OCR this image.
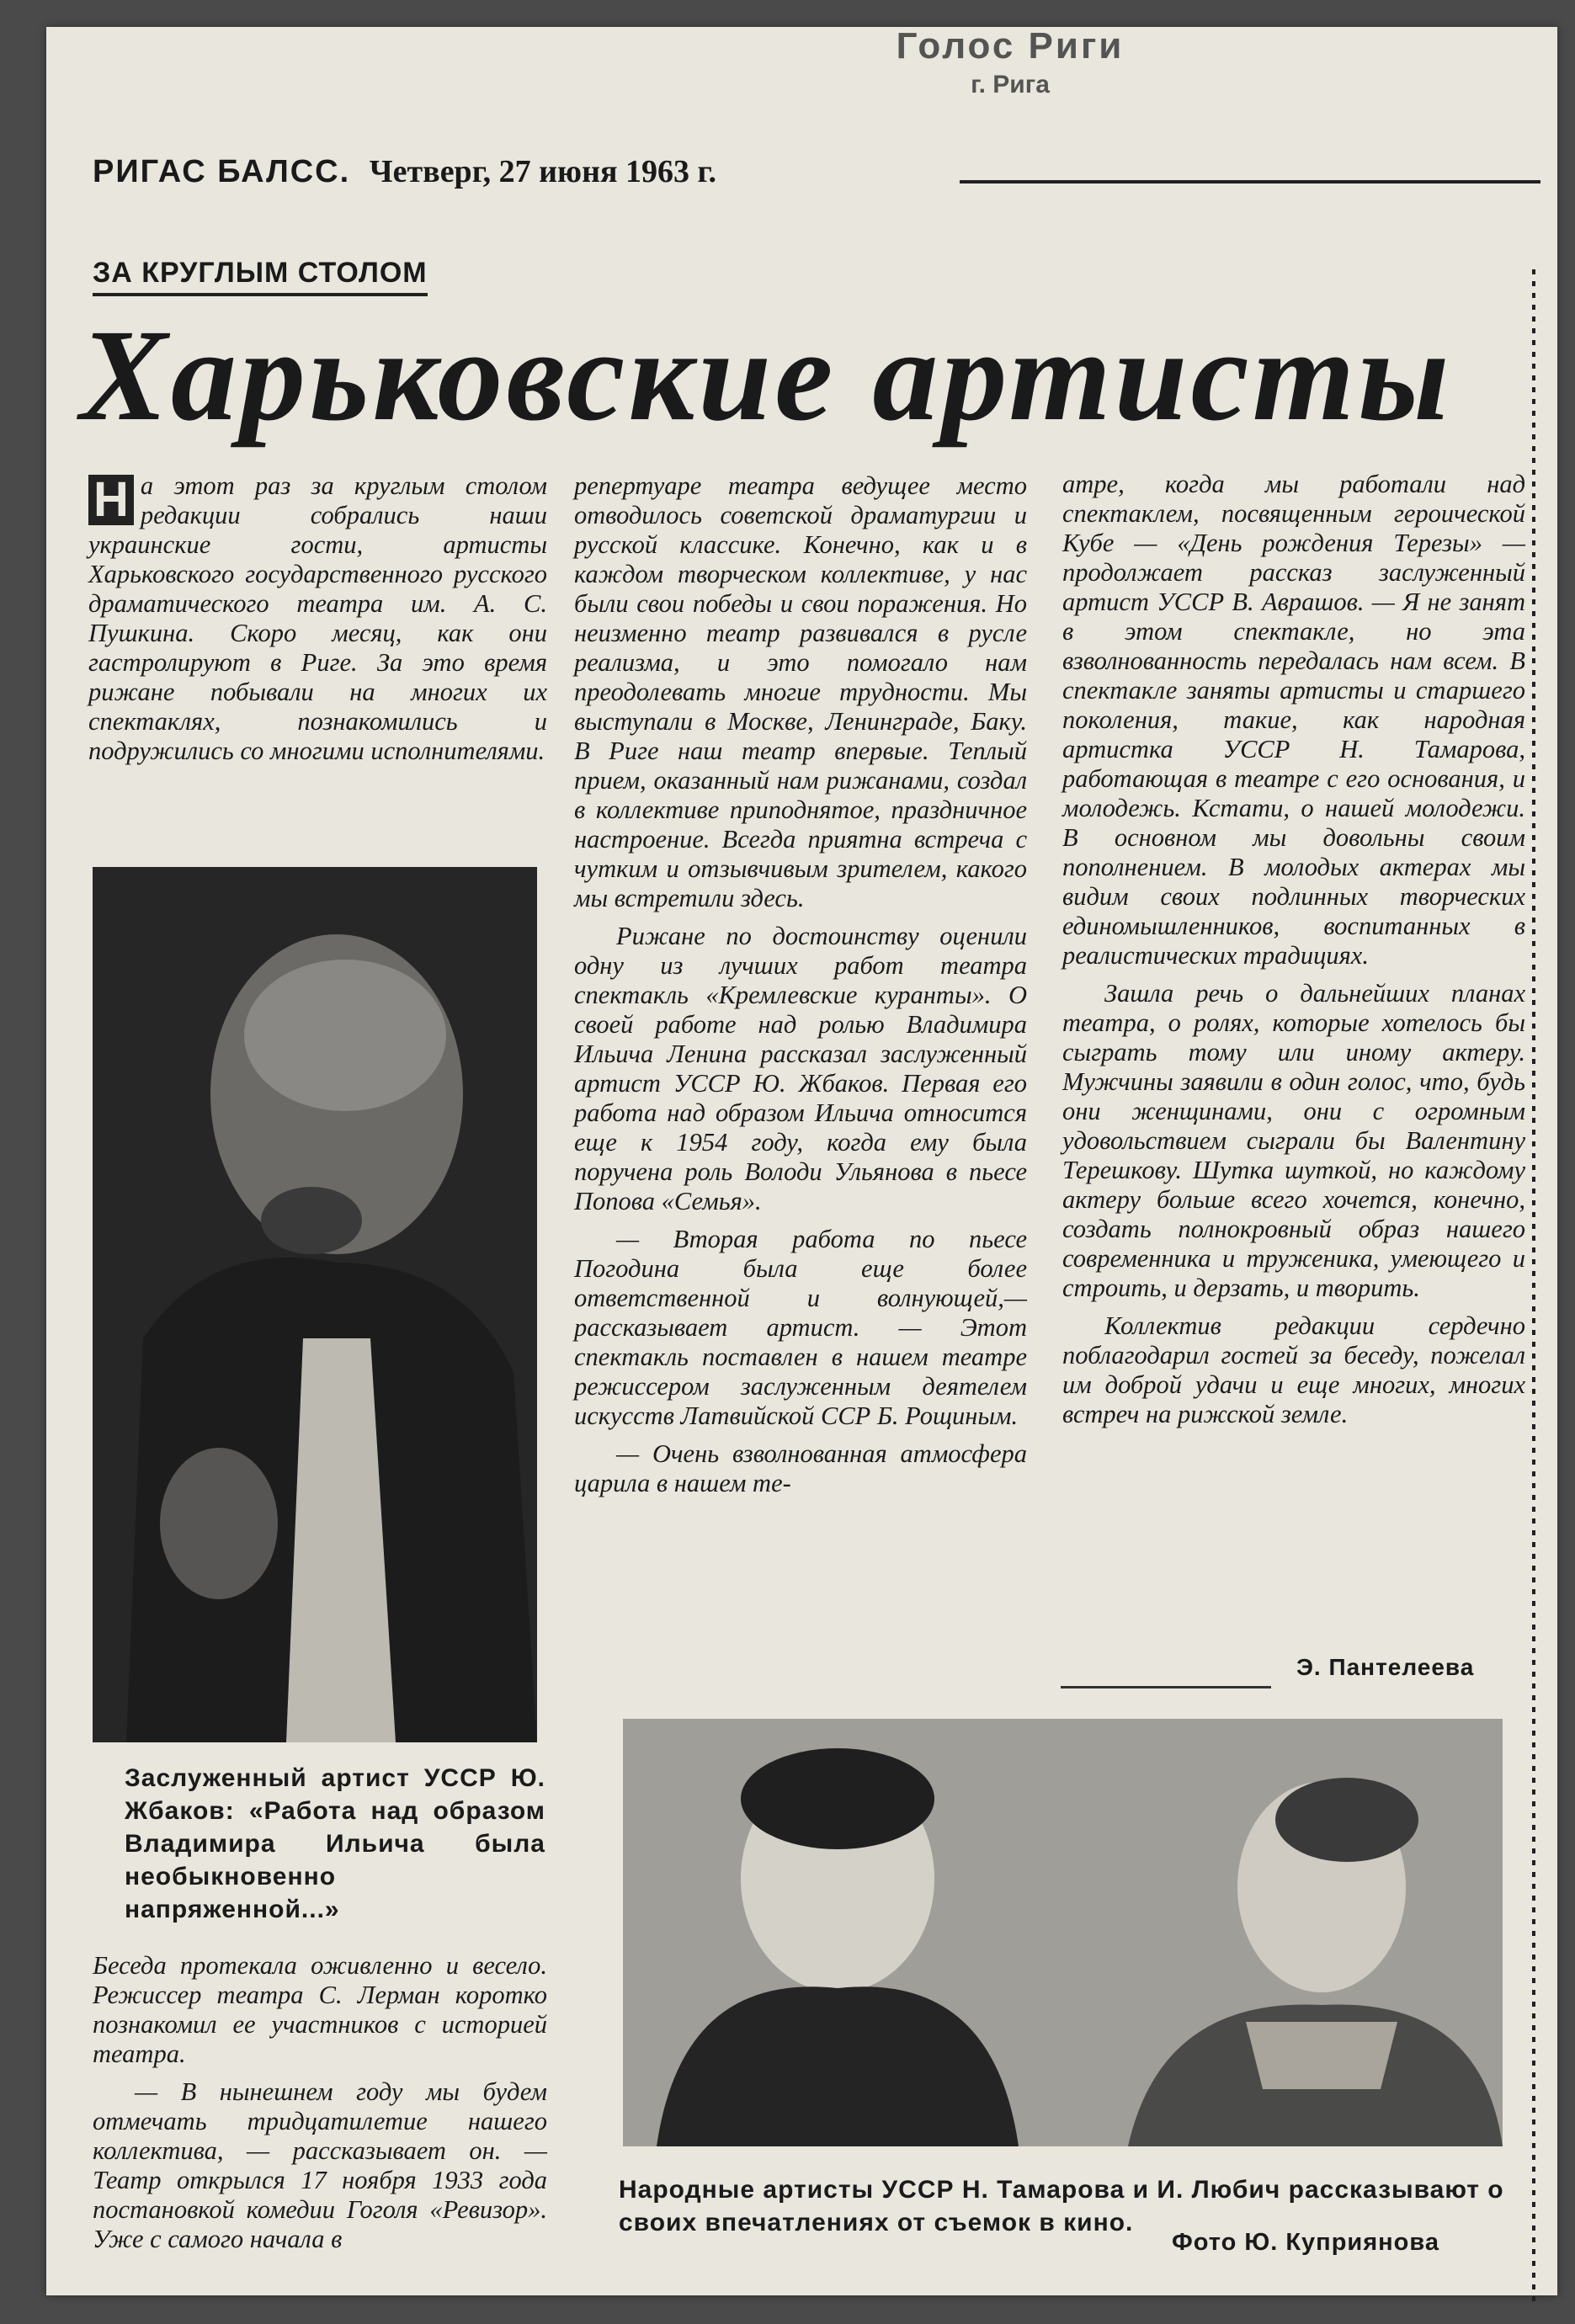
Голос Риги
г. Рига
РИГАС БАЛСС. Четверг, 27 июня 1963 г.
ЗА КРУГЛЫМ СТОЛОМ
Харьковские артисты

Н а этот раз за круглым столом редакции собрались наши украинские гости, артисты Харьковского государственного русского драматического театра им. А. С. Пушкина. Скоро месяц, как они гастролируют в Риге. За это время рижане побывали на многих их спектаклях, познакомились и подружились со многими исполнителями.

Заслуженный артист УССР Ю. Жбаков: «Работа над образом Владимира Ильича была необыкновенно напряженной...»

Беседа протекала оживленно и весело. Режиссер театра С. Лерман коротко познакомил ее участников с историей театра.

— В нынешнем году мы будем отмечать тридцатилетие нашего коллектива, — рассказывает он. — Театр открылся 17 ноября 1933 года постановкой комедии Гоголя «Ревизор». Уже с самого начала в

репертуаре театра ведущее место отводилось советской драматургии и русской классике. Конечно, как и в каждом творческом коллективе, у нас были свои победы и свои поражения. Но неизменно театр развивался в русле реализма, и это помогало нам преодолевать многие трудности. Мы выступали в Москве, Ленинграде, Баку. В Риге наш театр впервые. Теплый прием, оказанный нам рижанами, создал в коллективе приподнятое, праздничное настроение. Всегда приятна встреча с чутким и отзывчивым зрителем, какого мы встретили здесь.

Рижане по достоинству оценили одну из лучших работ театра спектакль «Кремлевские куранты». О своей работе над ролью Владимира Ильича Ленина рассказал заслуженный артист УССР Ю. Жбаков. Первая его работа над образом Ильича относится еще к 1954 году, когда ему была поручена роль Володи Ульянова в пьесе Попова «Семья».

— Вторая работа по пьесе Погодина была еще более ответственной и волнующей,— рассказывает артист. — Этот спектакль поставлен в нашем театре режиссером заслуженным деятелем искусств Латвийской ССР Б. Рощиным.

— Очень взволнованная атмосфера царила в нашем те-

атре, когда мы работали над спектаклем, посвященным героической Кубе — «День рождения Терезы» — продолжает рассказ заслуженный артист УССР В. Аврашов. — Я не занят в этом спектакле, но эта взволнованность передалась нам всем. В спектакле заняты артисты и старшего поколения, такие, как народная артистка УССР Н. Тамарова, работающая в театре с его основания, и молодежь. Кстати, о нашей молодежи. В основном мы довольны своим пополнением. В молодых актерах мы видим своих подлинных творческих единомышленников, воспитанных в реалистических традициях.

Зашла речь о дальнейших планах театра, о ролях, которые хотелось бы сыграть тому или иному актеру. Мужчины заявили в один голос, что, будь они женщинами, они с огромным удовольствием сыграли бы Валентину Терешкову. Шутка шуткой, но каждому актеру больше всего хочется, конечно, создать полнокровный образ нашего современника и труженика, умеющего и строить, и дерзать, и творить.

Коллектив редакции сердечно поблагодарил гостей за беседу, пожелал им доброй удачи и еще многих, многих встреч на рижской земле.

Э. Пантелеева
Народные артисты УССР Н. Тамарова и И. Любич рассказывают о своих впечатлениях от съемок в кино.
Фото Ю. Куприянова
